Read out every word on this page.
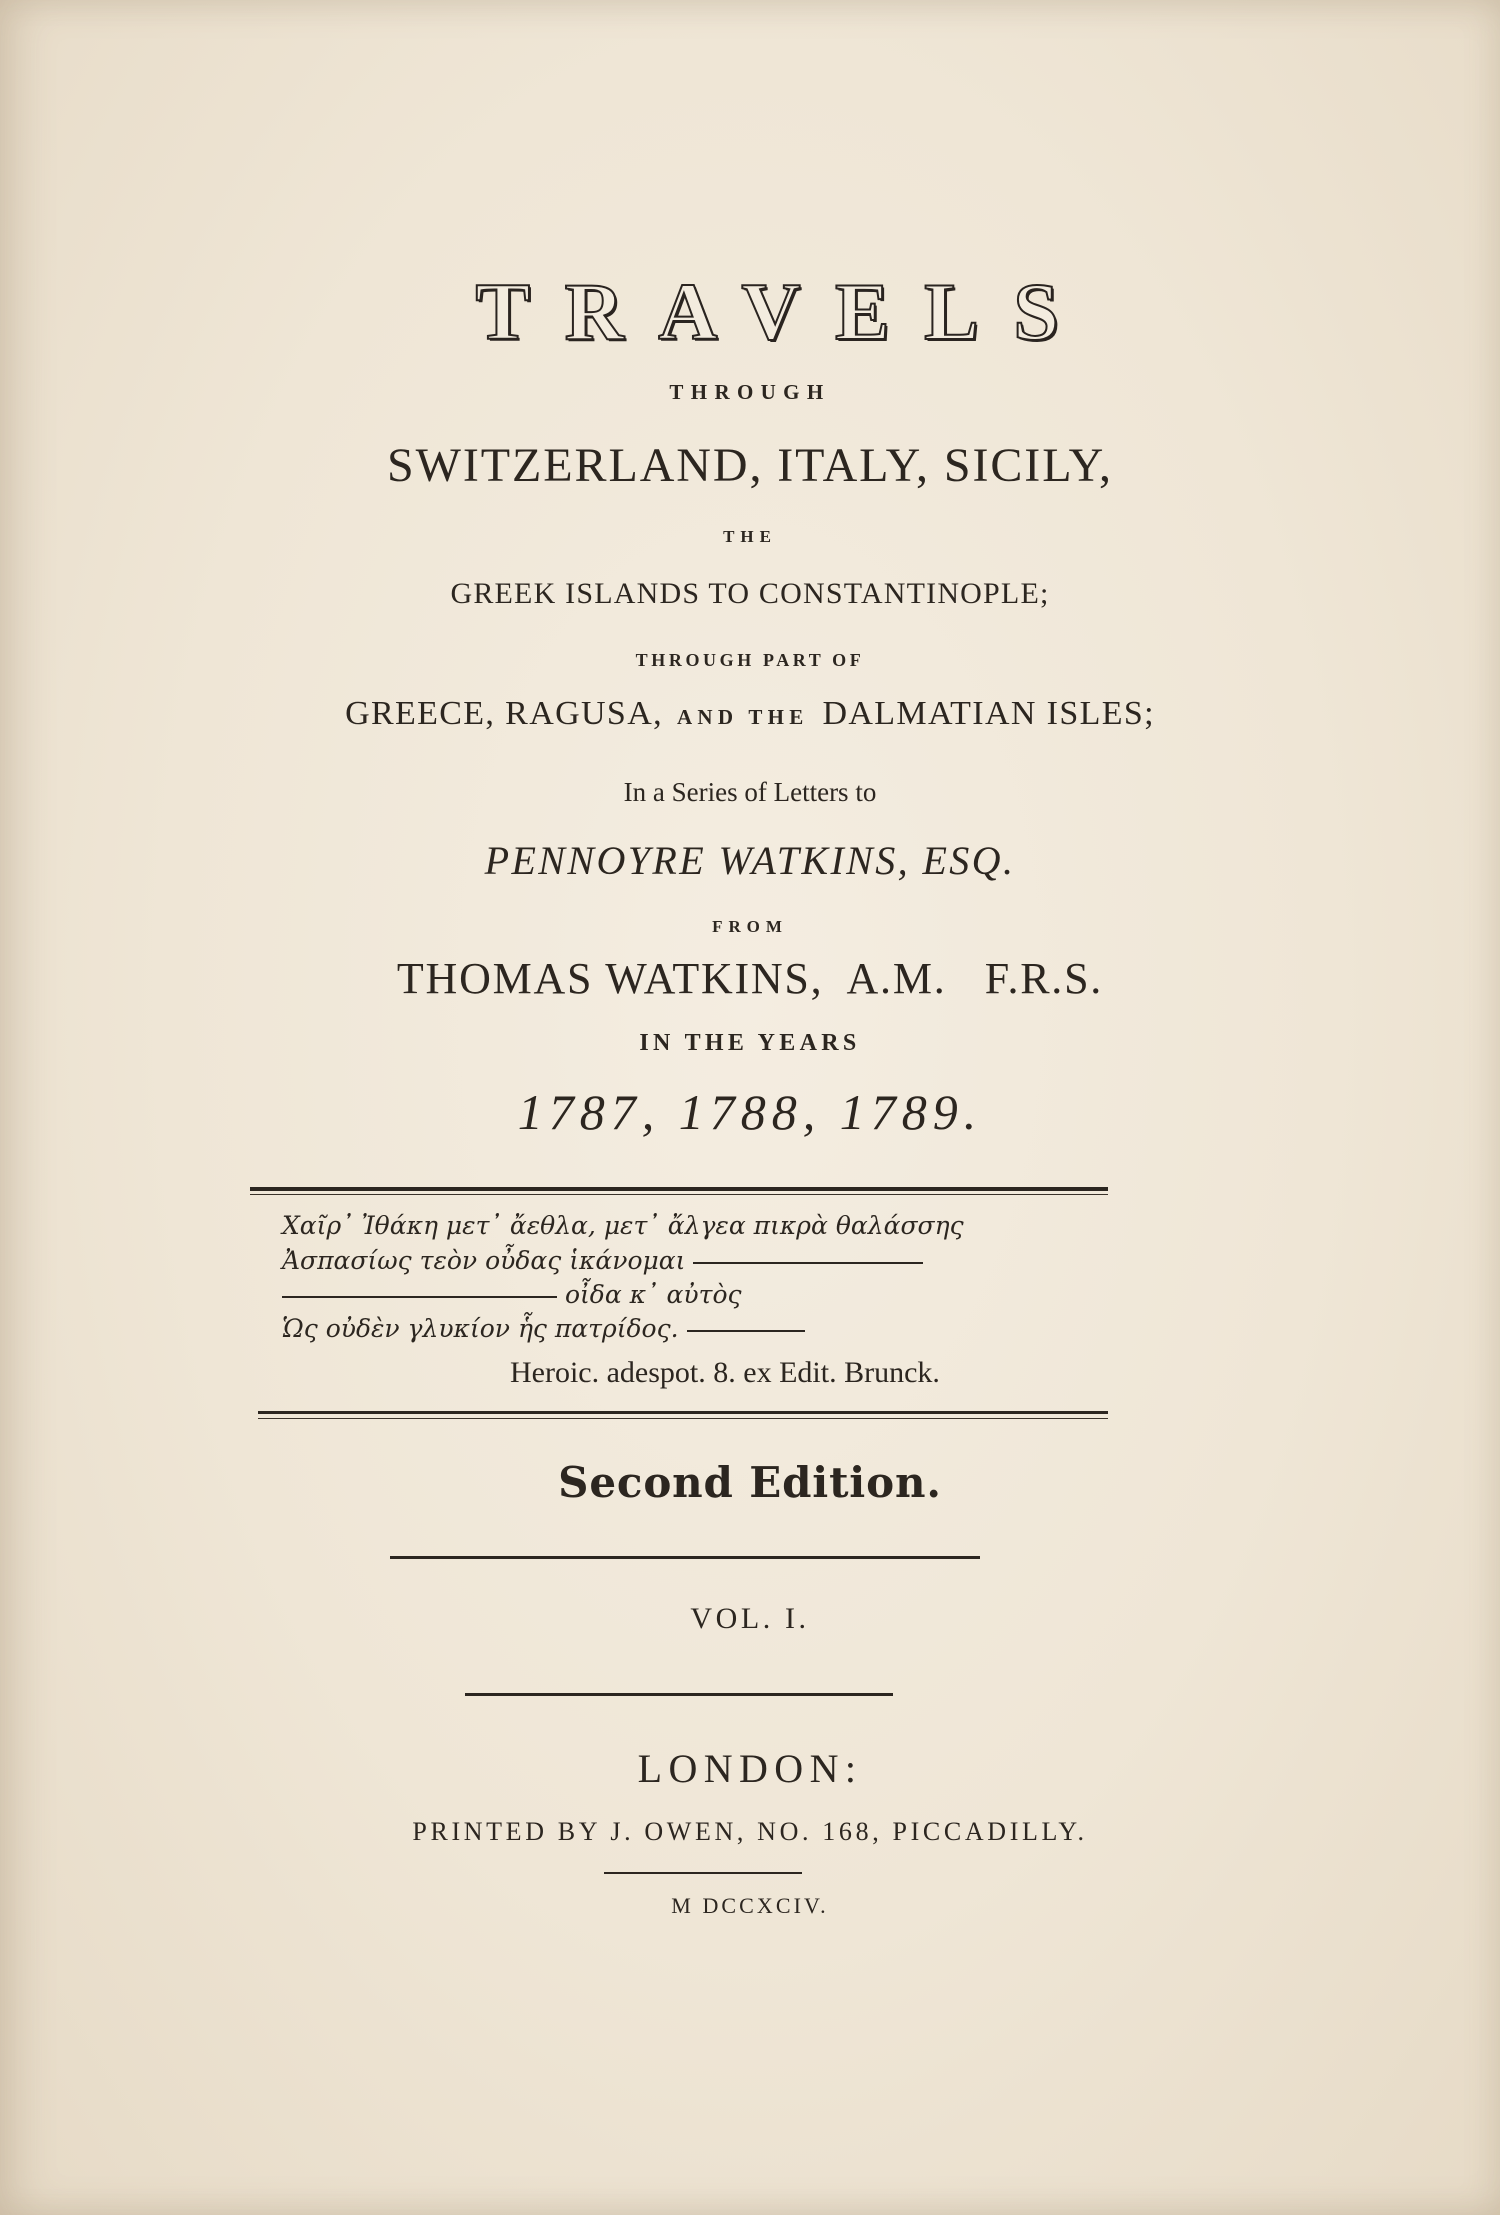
TRAVELS
THROUGH
SWITZERLAND, ITALY, SICILY,
THE
GREEK ISLANDS TO CONSTANTINOPLE;
THROUGH PART OF
GREECE, RAGUSA, AND THE DALMATIAN ISLES;
In a Series of Letters to
PENNOYRE WATKINS, ESQ.
FROM
THOMAS WATKINS,  A.M.   F.R.S.
IN THE YEARS
1787, 1788, 1789.
Χαῖρ᾽ Ἰθάκη μετ᾽ ἄεθλα, μετ᾽ ἄλγεα πικρὰ θαλάσσης
Ἀσπασίως τεὸν οὖδας ἱκάνομαι
οἶδα κ᾽ αὐτὸς
Ὡς οὐδὲν γλυκίον ἧς πατρίδος.
Heroic. adespot. 8. ex Edit. Brunck.
Second Edition.
VOL. I.
LONDON:
PRINTED BY J. OWEN, NO. 168, PICCADILLY.
M DCCXCIV.
